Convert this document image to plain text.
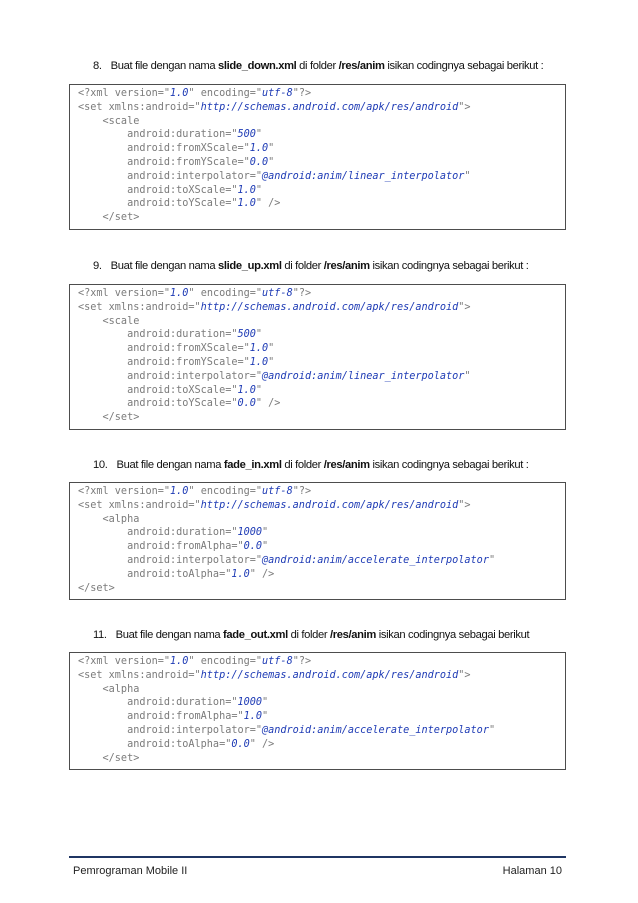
8. Buat file dengan nama slide_down.xml di folder /res/anim isikan codingnya sebagai berikut :
<?xml version="1.0" encoding="utf-8"?>
<set xmlns:android="http://schemas.android.com/apk/res/android">
<scale
android:duration="500"
android:fromXScale="1.0"
android:fromYScale="0.0"
android:interpolator="@android:anim/linear_interpolator"
android:toXScale="1.0"
android:toYScale="1.0" />
</set>
9. Buat file dengan nama slide_up.xml di folder /res/anim isikan codingnya sebagai berikut :
<?xml version="1.0" encoding="utf-8"?>
<set xmlns:android="http://schemas.android.com/apk/res/android">
<scale
android:duration="500"
android:fromXScale="1.0"
android:fromYScale="1.0"
android:interpolator="@android:anim/linear_interpolator"
android:toXScale="1.0"
android:toYScale="0.0" />
</set>
10. Buat file dengan nama fade_in.xml di folder /res/anim isikan codingnya sebagai berikut :
<?xml version="1.0" encoding="utf-8"?>
<set xmlns:android="http://schemas.android.com/apk/res/android">
<alpha
android:duration="1000"
android:fromAlpha="0.0"
android:interpolator="@android:anim/accelerate_interpolator"
android:toAlpha="1.0" />
</set>
11. Buat file dengan nama fade_out.xml di folder /res/anim isikan codingnya sebagai berikut
<?xml version="1.0" encoding="utf-8"?>
<set xmlns:android="http://schemas.android.com/apk/res/android">
<alpha
android:duration="1000"
android:fromAlpha="1.0"
android:interpolator="@android:anim/accelerate_interpolator"
android:toAlpha="0.0" />
</set>
Pemrograman Mobile II	Halaman 10
